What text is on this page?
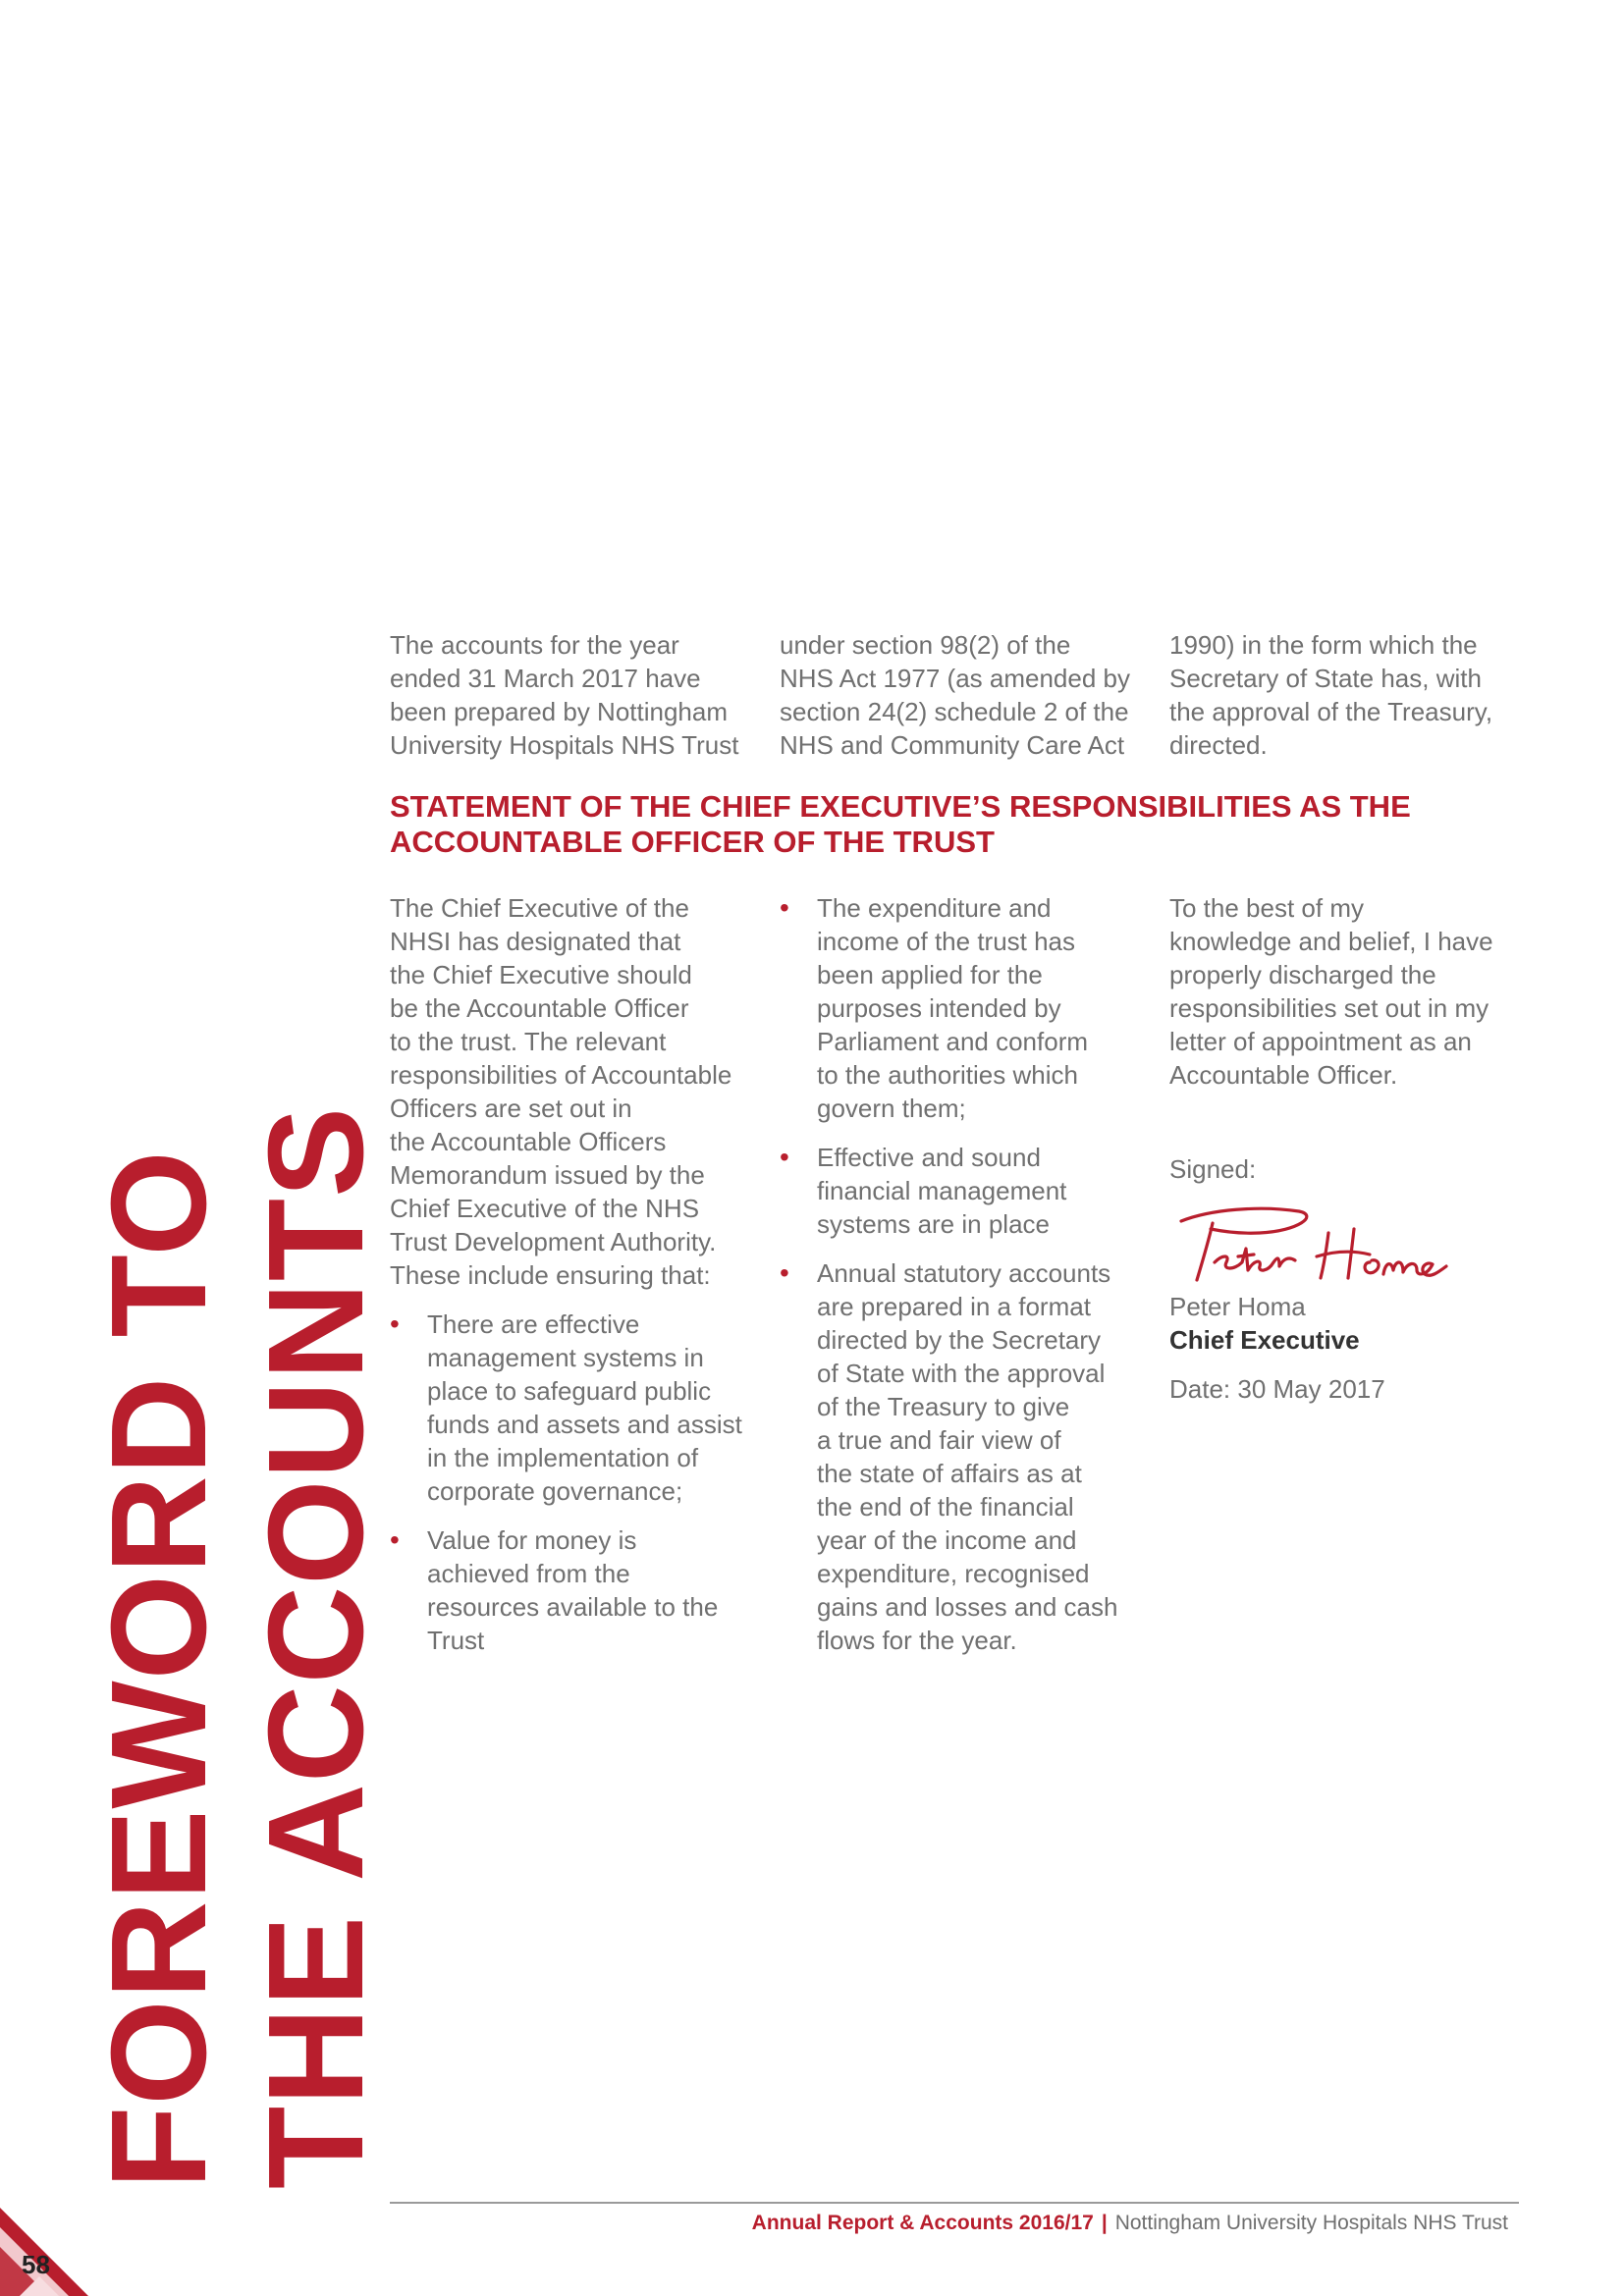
FOREWORD TO THE ACCOUNTS
The accounts for the year
ended 31 March 2017 have
been prepared by Nottingham
University Hospitals NHS Trust
under section 98(2) of the
NHS Act 1977 (as amended by
section 24(2) schedule 2 of the
NHS and Community Care Act
1990) in the form which the
Secretary of State has, with
the approval of the Treasury,
directed.
STATEMENT OF THE CHIEF EXECUTIVE’S RESPONSIBILITIES AS THE
ACCOUNTABLE OFFICER OF THE TRUST
The Chief Executive of the
NHSI has designated that
the Chief Executive should
be the Accountable Officer
to the trust. The relevant
responsibilities of Accountable
Officers are set out in
the Accountable Officers
Memorandum issued by the
Chief Executive of the NHS
Trust Development Authority.
These include ensuring that:
• There are effective
management systems in
place to safeguard public
funds and assets and assist
in the implementation of
corporate governance;
• Value for money is
achieved from the
resources available to the
Trust
• The expenditure and
income of the trust has
been applied for the
purposes intended by
Parliament and conform
to the authorities which
govern them;
• Effective and sound
financial management
systems are in place
• Annual statutory accounts
are prepared in a format
directed by the Secretary
of State with the approval
of the Treasury to give
a true and fair view of
the state of affairs as at
the end of the financial
year of the income and
expenditure, recognised
gains and losses and cash
flows for the year.
To the best of my
knowledge and belief, I have
properly discharged the
responsibilities set out in my
letter of appointment as an
Accountable Officer.
Signed:
Peter Homa
Chief Executive
Date: 30 May 2017
Annual Report & Accounts 2016/17 | Nottingham University Hospitals NHS Trust
58
